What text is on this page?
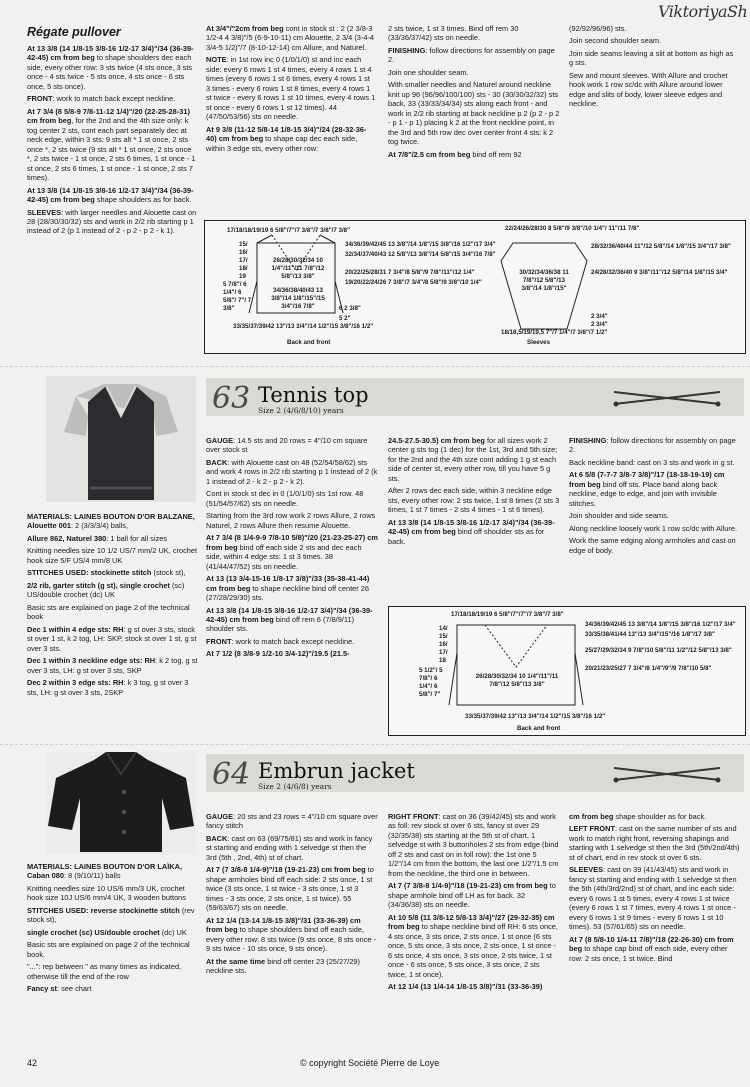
ViktoriyaSh
Régate pullover

At 13 3/8 (14 1/8-15 3/8-16 1/2-17 3/4)"/34 (36-39-42-45) cm from beg to shape shoulders dec each side, every other row: 3 sts twice (4 sts once, 3 sts once - 4 sts twice - 5 sts once, 4 sts once - 6 sts once, 5 sts once).

FRONT: work to match back except neckline.

At 7 3/4 (8 5/8-9 7/8-11-12 1/4)"/20 (22-25-28-31) cm from beg, for the 2nd and the 4th size only: k tog center 2 sts, cont each part separately dec at neck edge, within 3 sts: 9 sts alt * 1 st once, 2 sts once *, 2 sts twice (9 sts alt * 1 st once, 2 sts once *, 2 sts twice - 1 st once, 2 sts 6 times, 1 st once - 1 st once, 2 sts 6 times, 1 st once - 1 st once, 2 sts 7 times).

At 13 3/8 (14 1/8-15 3/8-16 1/2-17 3/4)"/34 (36-39-42-45) cm from beg shape shoulders as for back.

SLEEVES: with larger needles and Alouette cast on 28 (28/30/30/32) sts and work in 2/2 rib starting p 1 instead of 2 (p 1 instead of 2 - p 2 - p 2 - k 1).

At 3/4"/"2cm from beg cont in stock st : 2 (2 3/8-3 1/2-4 4 3/8)"/5 (6-9-10-11) cm Alouette, 2 3/4 (3-4-4 3/4-5 1/2)"/7 (8-10-12-14) cm Allure, and Naturel.

NOTE: in 1st row inc 0 (1/0/1/0) st and inc each side: every 6 rows 1 st 4 times, every 4 rows 1 st 4 times (every 6 rows 1 st 6 times, every 4 rows 1 st 3 times - every 6 rows 1 st 8 times, every 4 rows 1 st twice - every 6 rows 1 st 10 times, every 4 rows 1 st once - every 6 rows 1 st 12 times). 44 (47/50/53/56) sts on needle.

At 9 3/8 (11-12 5/8-14 1/8-15 3/4)"/24 (28-32-36-40) cm from beg to shape cap dec each side, within 3 edge sts, every other row:

2 sts twice, 1 st 3 times. Bind off rem 30 (33/36/37/42) sts on needle.

FINISHING: follow directions for assembly on page 2.

Join one shoulder seam.

With smaller needles and Naturel around neckline knit up 96 (96/96/100/100) sts - 30 (30/30/32/32) sts back, 33 (33/33/34/34) sts along each front - and work in 2/2 rib starting at back neckline p 2 (p 2 - p 2 - p 1 - p 1) placing k 2 at the front neckline point, in the 3rd and 5th row dec over center front 4 sts: k 2 tog twice.

At 7/8"/2.5 cm from beg bind off rem 92

(92/92/96/96) sts.

Join second shoulder seam.

Join side seams leaving a slit at bottom as high as g sts.

Sew and mount sleeves. With Allure and crochet hook work 1 row sc/dc with Allure around lower edge and slits of body, lower sleeve edges and neckline.

17/18/18/19/19 6 5/8"/7"/7 3/8"/7 3/8"/7 3/8"	22/24/26/28/30 8 5/8"/9 3/8"/10 1/4"/ 11"/11 7/8"
33/35/37/39/42 13"/13 3/4"/14 1/2"/15 3/8"/16 1/2"
18/18,5/19/19,5 7"/7 1/4"/7 3/8"/7 1/2"
Back and front	Sleeves
34/36/39/42/45 13 3/8"/14 1/8"/15 3/8"/16 1/2"/17 3/4"
32/34/37/40/43 12 5/8"/13 3/8"/14 5/8"/15 3/4"/16 7/8"
20/22/25/28/31 7 3/4"/8 5/8"/9 7/8"/11"/12 1/4"
19/20/22/24/26 7 3/8"/7 3/4"/8 5/8"/9 3/8"/10 1/4"
28/32/36/40/44 11"/12 5/8"/14 1/8"/15 3/4"/17 3/8"
24/28/32/36/40 9 3/8"/11"/12 5/8"/14 1/8"/15 3/4"
26/28/30/32/34 10 1/4"/11"/11 7/8"/12 5/8"/13 3/8"
34/36/38/40/43 13 3/8"/14 1/8"/15"/15 3/4"/16 7/8"
30/32/34/36/38 11 7/8"/12 5/8"/13 3/8"/14 1/8"/15"
15/ 16/ 17/ 18/ 19
5 7/8"/ 6 1/4"/ 6 5/8"/ 7"/ 7 3/8"	6 2 3/8"
2 3/4"
5 2"
2 3/4"
63 Tennis top
Size 2 (4/6/8/10) years

MATERIALS: LAINES BOUTON D'OR BALZANE, Alouette 001: 2 (3/3/3/4) balls,

Allure 862, Naturel 380: 1 ball for all sizes

Knitting needles size 10 1/2 US/7 mm/2 UK, crochet hook size 5/F US/4 mm/8 UK

STITCHES USED: stockinette stitch (stock st),

2/2 rib, garter stitch (g st), single crochet (sc) US/double crochet (dc) UK

Basic sts are explained on page 2 of the technical book

Dec 1 within 4 edge sts: RH: g st over 3 sts, stock st over 1 st, k 2 tog, LH: SKP, stock st over 1 st, g st over 3 sts.

Dec 1 within 3 neckline edge sts: RH: k 2 tog, g st over 3 sts, LH: g st over 3 sts, SKP

Dec 2 within 3 edge sts: RH: k 3 tog, g st over 3 sts, LH: g st over 3 sts, 2SKP

GAUGE: 14.5 sts and 20 rows = 4"/10 cm square over stock st

BACK: with Alouette cast on 48 (52/54/58/62) sts and work 4 rows in 2/2 rib starting p 1 instead of 2 (k 1 instead of 2 - k 2 - p 2 - k 2).

Cont in stock st dec in 0 (1/0/1/0) sts 1st row. 48 (51/54/57/62) sts on needle.

Starting from the 3rd row work 2 rows Allure, 2 rows Naturel, 2 rows Allure then resume Alouette.

At 7 3/4 (8 1/4-9-9 7/8-10 5/8)"/20 (21-23-25-27) cm from beg bind off each side 2 sts and dec each side, within 4 edge sts: 1 st 3 times. 38 (41/44/47/52) sts on needle.

At 13 (13 3/4-15-16 1/8-17 3/8)"/33 (35-38-41-44) cm from beg to shape neckline bind off center 26 (27/28/29/30) sts.

At 13 3/8 (14 1/8-15 3/8-16 1/2-17 3/4)"/34 (36-39-42-45) cm from beg bind off rem 6 (7/8/9/11) shoulder sts.

FRONT: work to match back except neckline.

At 7 1/2 (8 3/8-9 1/2-10 3/4-12)"/19.5 (21.5-

24.5-27.5-30.5) cm from beg for all sizes work 2 center g sts tog (1 dec) for the 1st, 3rd and 5th size; for the 2nd and the 4th size cont adding 1 g st each side of center st, every other row, till you have 5 g sts.

After 2 rows dec each side, within 3 neckline edge sts, every other row: 2 sts twice, 1 st 8 times (2 sts 3 times, 1 st 7 times - 2 sts 4 times - 1 st 6 times).

At 13 3/8 (14 1/8-15 3/8-16 1/2-17 3/4)"/34 (36-39-42-45) cm from beg bind off shoulder sts as for back.

FINISHING: follow directions for assembly on page 2.

Back neckline band: cast on 3 sts and work in g st.

At 6 5/8 (7-7-7 3/8-7 3/8)"/17 (18-18-19-19) cm from beg bind off sts. Place band along back neckline, edge to edge, and join with invisible stitches.

Join shoulder and side seams.

Along neckline loosely work 1 row sc/dc with Allure.

Work the same edging along armholes and cast on edge of body.

17/18/18/19/19 6 5/8"/7"/7"/7 3/8"/7 3/8"
33/35/37/39/42 13"/13 3/4"/14 1/2"/15 3/8"/16 1/2"
Back and front
34/36/39/42/45 13 3/8"/14 1/8"/15 3/8"/16 1/2"/17 3/4"
33/35/38/41/44 13"/13 3/4"/15"/16 1/8"/17 3/8"
25/27/29/32/34 9 7/8"/10 5/8"/11 1/2"/12 5/8"/13 3/8"
20/21/23/25/27 7 3/4"/8 1/4"/9"/9 7/8"/10 5/8"
26/28/30/32/34 10 1/4"/11"/11 7/8"/12 5/8"/13 3/8"
14/ 15/ 16/ 17/ 18
5 1/2"/ 5 7/8"/ 6 1/4"/ 6 5/8"/ 7"
64 Embrun jacket
Size 2 (4/6/8) years

MATERIALS: LAINES BOUTON D'OR LAÏKA, Caban 080: 8 (9/10/11) balls

Knitting needles size 10 US/6 mm/3 UK, crochet hook size 10J US/6 mm/4 UK, 3 wooden buttons

STITCHES USED: reverse stockinette stitch (rev stock st),

single crochet (sc) US/double crochet (dc) UK

Basic sts are explained on page 2 of the technical book.

"...": rep between " as many times as indicated, otherwise till the end of the row

Fancy st: see chart

GAUGE: 20 sts and 23 rows = 4"/10 cm square over fancy stitch

BACK: cast on 63 (69/75/81) sts and work in fancy st starting and ending with 1 selvedge st then the 3rd (5th , 2nd, 4th) st of chart.

At 7 (7 3/8-8 1/4-9)"/18 (19-21-23) cm from beg to shape armholes bind off each side: 2 sts once, 1 st twice (3 sts once, 1 st twice - 3 sts once, 1 st 3 times - 3 sts once, 2 sts once, 1 st twice). 55 (59/63/67) sts on needle.

At 12 1/4 (13-14 1/8-15 3/8)"/31 (33-36-39) cm from beg to shape shoulders bind off each side, every other row: 8 sts twice (9 sts once, 8 sts once - 9 sts twice - 10 sts once, 9 sts once).

At the same time bind off center 23 (25/27/29) neckline sts.

RIGHT FRONT: cast on 36 (39/42/45) sts and work as foll: rev stock st over 6 sts, fancy st over 29 (32/35/38) sts starting at the 5th st of chart, 1 selvedge st with 3 buttonholes 2 sts from edge (bind off 2 sts and cast on in foll row): the 1st one 5 1/2"/14 cm from the bottom, the last one 1/2"/1.5 cm from the neckline, the third one in between.

At 7 (7 3/8-8 1/4-9)"/18 (19-21-23) cm from beg to shape armhole bind off LH as for back. 32 (34/36/38) sts on needle.

At 10 5/8 (11 3/8-12 5/8-13 3/4)"/27 (29-32-35) cm from beg to shape neckline bind off RH: 6 sts once, 4 sts once, 3 sts once, 2 sts once, 1 st once (6 sts once, 5 sts once, 3 sts once, 2 sts once, 1 st once - 6 sts once, 4 sts once, 3 sts once, 2 sts twice, 1 st once - 6 sts once, 5 sts once, 3 sts once, 2 sts twice, 1 st once).

At 12 1/4 (13 1/4-14 1/8-15 3/8)"/31 (33-36-39)

cm from beg shape shoulder as for back.

LEFT FRONT: cast on the same number of sts and work to match right front, reversing shapings and starting with 1 selvedge st then the 3rd (5th/2nd/4th) st of chart, end in rev stock st over 6 sts.

SLEEVES: cast on 39 (41/43/45) sts and work in fancy st starting and ending with 1 selvedge st then the 5th (4th/3rd/2nd) st of chart, and inc each side: every 6 rows 1 st 5 times, every 4 rows 1 st twice (every 6 rows 1 st 7 times, every 4 rows 1 st once - every 6 rows 1 st 9 times - every 6 rows 1 st 10 times). 53 (57/61/65) sts on needle.

At 7 (8 5/8-10 1/4-11 7/8)"/18 (22-26-30) cm from beg to shape cap bind off each side, every other row: 2 sts once, 1 st twice. Bind

42	© copyright Société Pierre de Loye
